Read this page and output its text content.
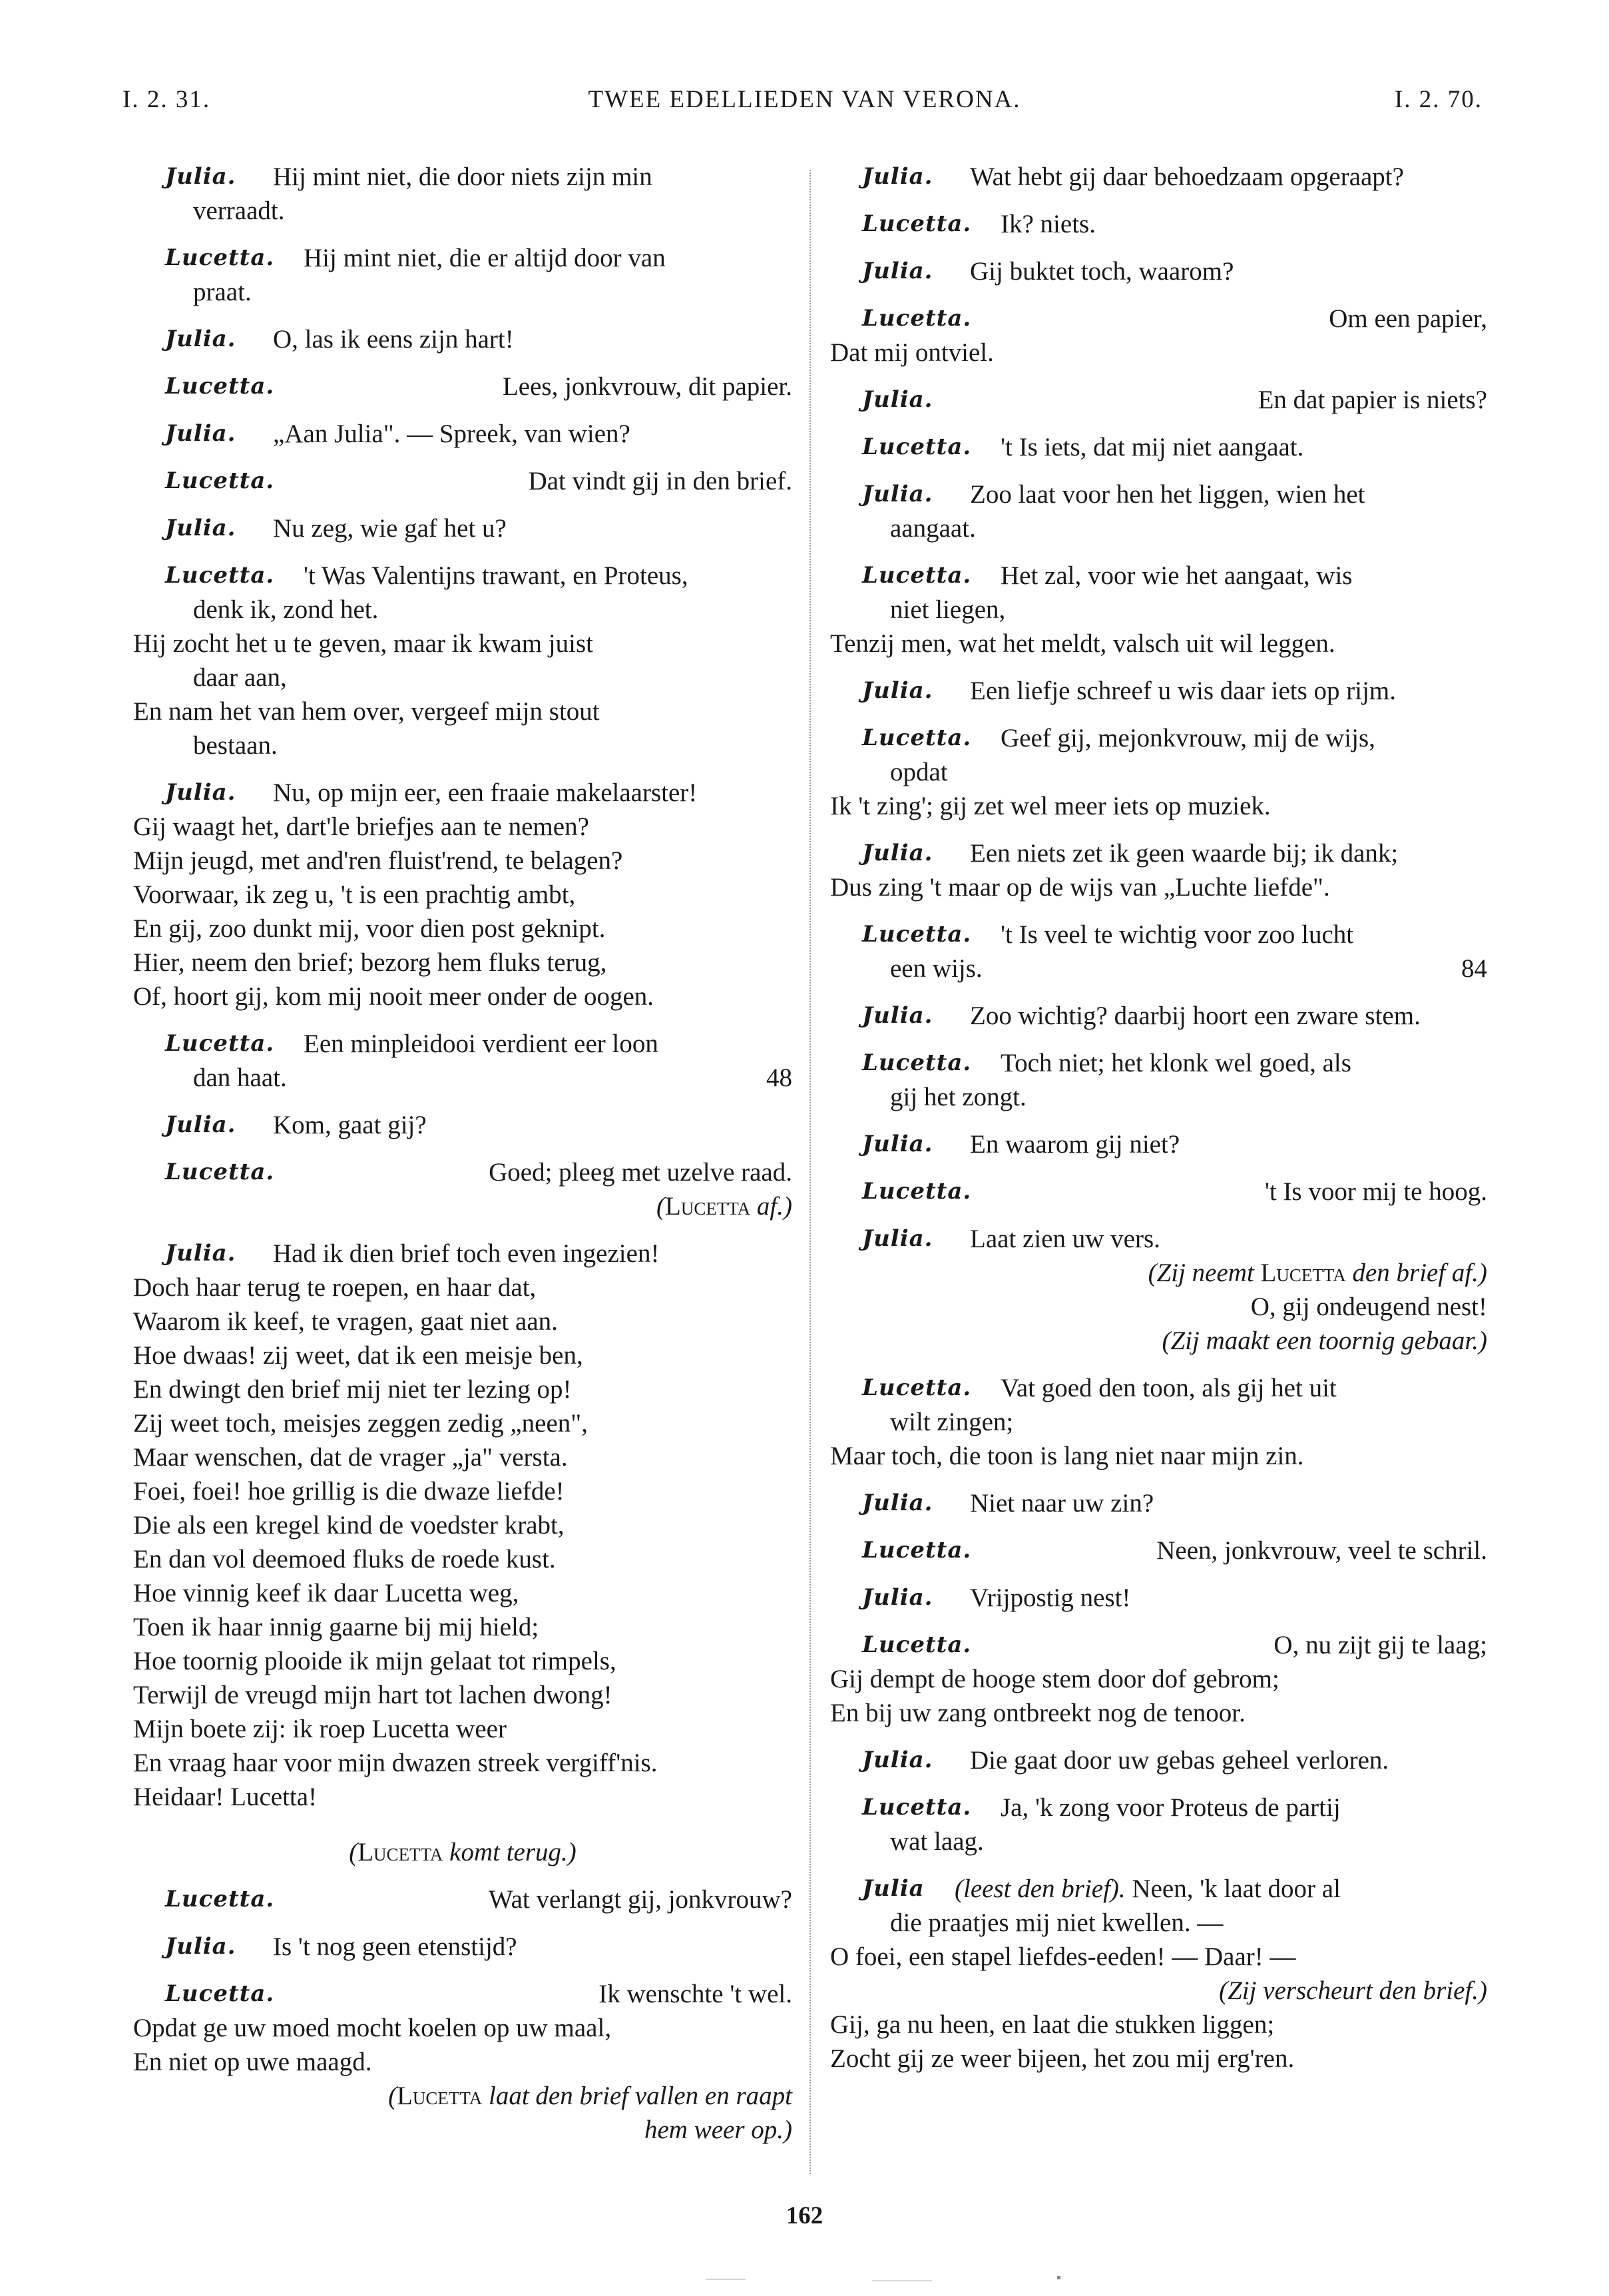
I. 2. 31.	TWEE EDELLIEDEN VAN VERONA.	I. 2. 70.
Julia. Hij mint niet, die door niets zijn min
verraadt.
Lucetta. Hij mint niet, die er altijd door van
praat.
Julia. O, las ik eens zijn hart!
Lucetta.	Lees, jonkvrouw, dit papier.
Julia. „Aan Julia". — Spreek, van wien?
Lucetta.	Dat vindt gij in den brief.
Julia. Nu zeg, wie gaf het u?
Lucetta. 't Was Valentijns trawant, en Proteus,
denk ik, zond het.
Hij zocht het u te geven, maar ik kwam juist
daar aan,
En nam het van hem over, vergeef mijn stout
bestaan.
Julia. Nu, op mijn eer, een fraaie makelaarster!
Gij waagt het, dart'le briefjes aan te nemen?
Mijn jeugd, met and'ren fluist'rend, te belagen?
Voorwaar, ik zeg u, 't is een prachtig ambt,
En gij, zoo dunkt mij, voor dien post geknipt.
Hier, neem den brief; bezorg hem fluks terug,
Of, hoort gij, kom mij nooit meer onder de oogen.
Lucetta. Een minpleidooi verdient eer loon
dan haat.	48
Julia. Kom, gaat gij?
Lucetta.	Goed; pleeg met uzelve raad.
(Lucetta af.)
Julia. Had ik dien brief toch even ingezien!
Doch haar terug te roepen, en haar dat,
Waarom ik keef, te vragen, gaat niet aan.
Hoe dwaas! zij weet, dat ik een meisje ben,
En dwingt den brief mij niet ter lezing op!
Zij weet toch, meisjes zeggen zedig „neen",
Maar wenschen, dat de vrager „ja" versta.
Foei, foei! hoe grillig is die dwaze liefde!
Die als een kregel kind de voedster krabt,
En dan vol deemoed fluks de roede kust.
Hoe vinnig keef ik daar Lucetta weg,
Toen ik haar innig gaarne bij mij hield;
Hoe toornig plooide ik mijn gelaat tot rimpels,
Terwijl de vreugd mijn hart tot lachen dwong!
Mijn boete zij: ik roep Lucetta weer
En vraag haar voor mijn dwazen streek vergiff'nis.
Heidaar! Lucetta!
(Lucetta komt terug.)
Lucetta.	Wat verlangt gij, jonkvrouw?
Julia. Is 't nog geen etenstijd?
Lucetta.	Ik wenschte 't wel.
Opdat ge uw moed mocht koelen op uw maal,
En niet op uwe maagd.
(Lucetta laat den brief vallen en raapt
hem weer op.)
Julia. Wat hebt gij daar behoedzaam opgeraapt?
Lucetta. Ik? niets.
Julia. Gij buktet toch, waarom?
Lucetta.	Om een papier,
Dat mij ontviel.
Julia.	En dat papier is niets?
Lucetta. 't Is iets, dat mij niet aangaat.
Julia. Zoo laat voor hen het liggen, wien het
aangaat.
Lucetta. Het zal, voor wie het aangaat, wis
niet liegen,
Tenzij men, wat het meldt, valsch uit wil leggen.
Julia. Een liefje schreef u wis daar iets op rijm.
Lucetta. Geef gij, mejonkvrouw, mij de wijs,
opdat
Ik 't zing'; gij zet wel meer iets op muziek.
Julia. Een niets zet ik geen waarde bij; ik dank;
Dus zing 't maar op de wijs van „Luchte liefde".
Lucetta. 't Is veel te wichtig voor zoo lucht
een wijs.	84
Julia. Zoo wichtig? daarbij hoort een zware stem.
Lucetta. Toch niet; het klonk wel goed, als
gij het zongt.
Julia. En waarom gij niet?
Lucetta.	't Is voor mij te hoog.
Julia. Laat zien uw vers.
(Zij neemt Lucetta den brief af.)
O, gij ondeugend nest!
(Zij maakt een toornig gebaar.)
Lucetta. Vat goed den toon, als gij het uit
wilt zingen;
Maar toch, die toon is lang niet naar mijn zin.
Julia. Niet naar uw zin?
Lucetta.	Neen, jonkvrouw, veel te schril.
Julia. Vrijpostig nest!
Lucetta.	O, nu zijt gij te laag;
Gij dempt de hooge stem door dof gebrom;
En bij uw zang ontbreekt nog de tenoor.
Julia. Die gaat door uw gebas geheel verloren.
Lucetta. Ja, 'k zong voor Proteus de partij
wat laag.
Julia (leest den brief). Neen, 'k laat door al
die praatjes mij niet kwellen. —
O foei, een stapel liefdes-eeden! — Daar! —
(Zij verscheurt den brief.)
Gij, ga nu heen, en laat die stukken liggen;
Zocht gij ze weer bijeen, het zou mij erg'ren.
162
